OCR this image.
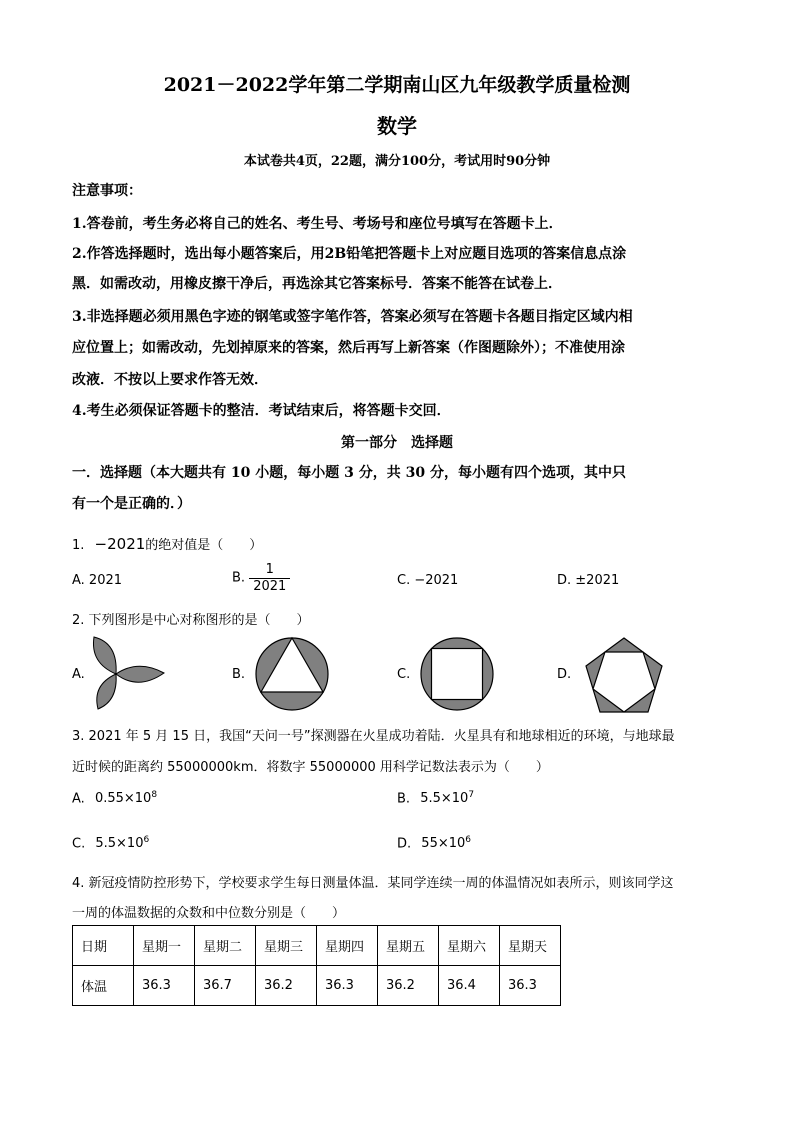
2021－2022学年第二学期南山区九年级教学质量检测
数学
本试卷共4页，22题，满分100分，考试用时90分钟
注意事项：
1.答卷前，考生务必将自己的姓名、考生号、考场号和座位号填写在答题卡上．
2.作答选择题时，选出每小题答案后，用2B铅笔把答题卡上对应题目选项的答案信息点涂
黑．如需改动，用橡皮擦干净后，再选涂其它答案标号．答案不能答在试卷上．
3.非选择题必须用黑色字迹的钢笔或签字笔作答，答案必须写在答题卡各题目指定区域内相
应位置上；如需改动，先划掉原来的答案，然后再写上新答案（作图题除外）；不准使用涂
改液．不按以上要求作答无效．
4.考生必须保证答题卡的整洁．考试结束后，将答题卡交回．
第一部分　选择题
一．选择题（本大题共有 10 小题，每小题 3 分，共 30 分，每小题有四个选项，其中只
有一个是正确的．）
1. −2021的绝对值是（　　）
A. 2021	B. $\frac{1}{2021}$	C. −2021	D. ±2021
2. 下列图形是中心对称图形的是（　　）
A.	B.	C.	D.
3. 2021 年 5 月 15 日，我国“天问一号”探测器在火星成功着陆．火星具有和地球相近的环境，与地球最
近时候的距离约 55000000km．将数字 55000000 用科学记数法表示为（　　）
A. $0.55\times 10^8$	B. $5.5\times 10^7$
C. $5.5\times 10^6$	D. $55\times 10^6$
4. 新冠疫情防控形势下，学校要求学生每日测量体温．某同学连续一周的体温情况如表所示，则该同学这
一周的体温数据的众数和中位数分别是（　　）
日期	星期一	星期二	星期三	星期四	星期五	星期六	星期天
体温	36.3	36.7	36.2	36.3	36.2	36.4	36.3
